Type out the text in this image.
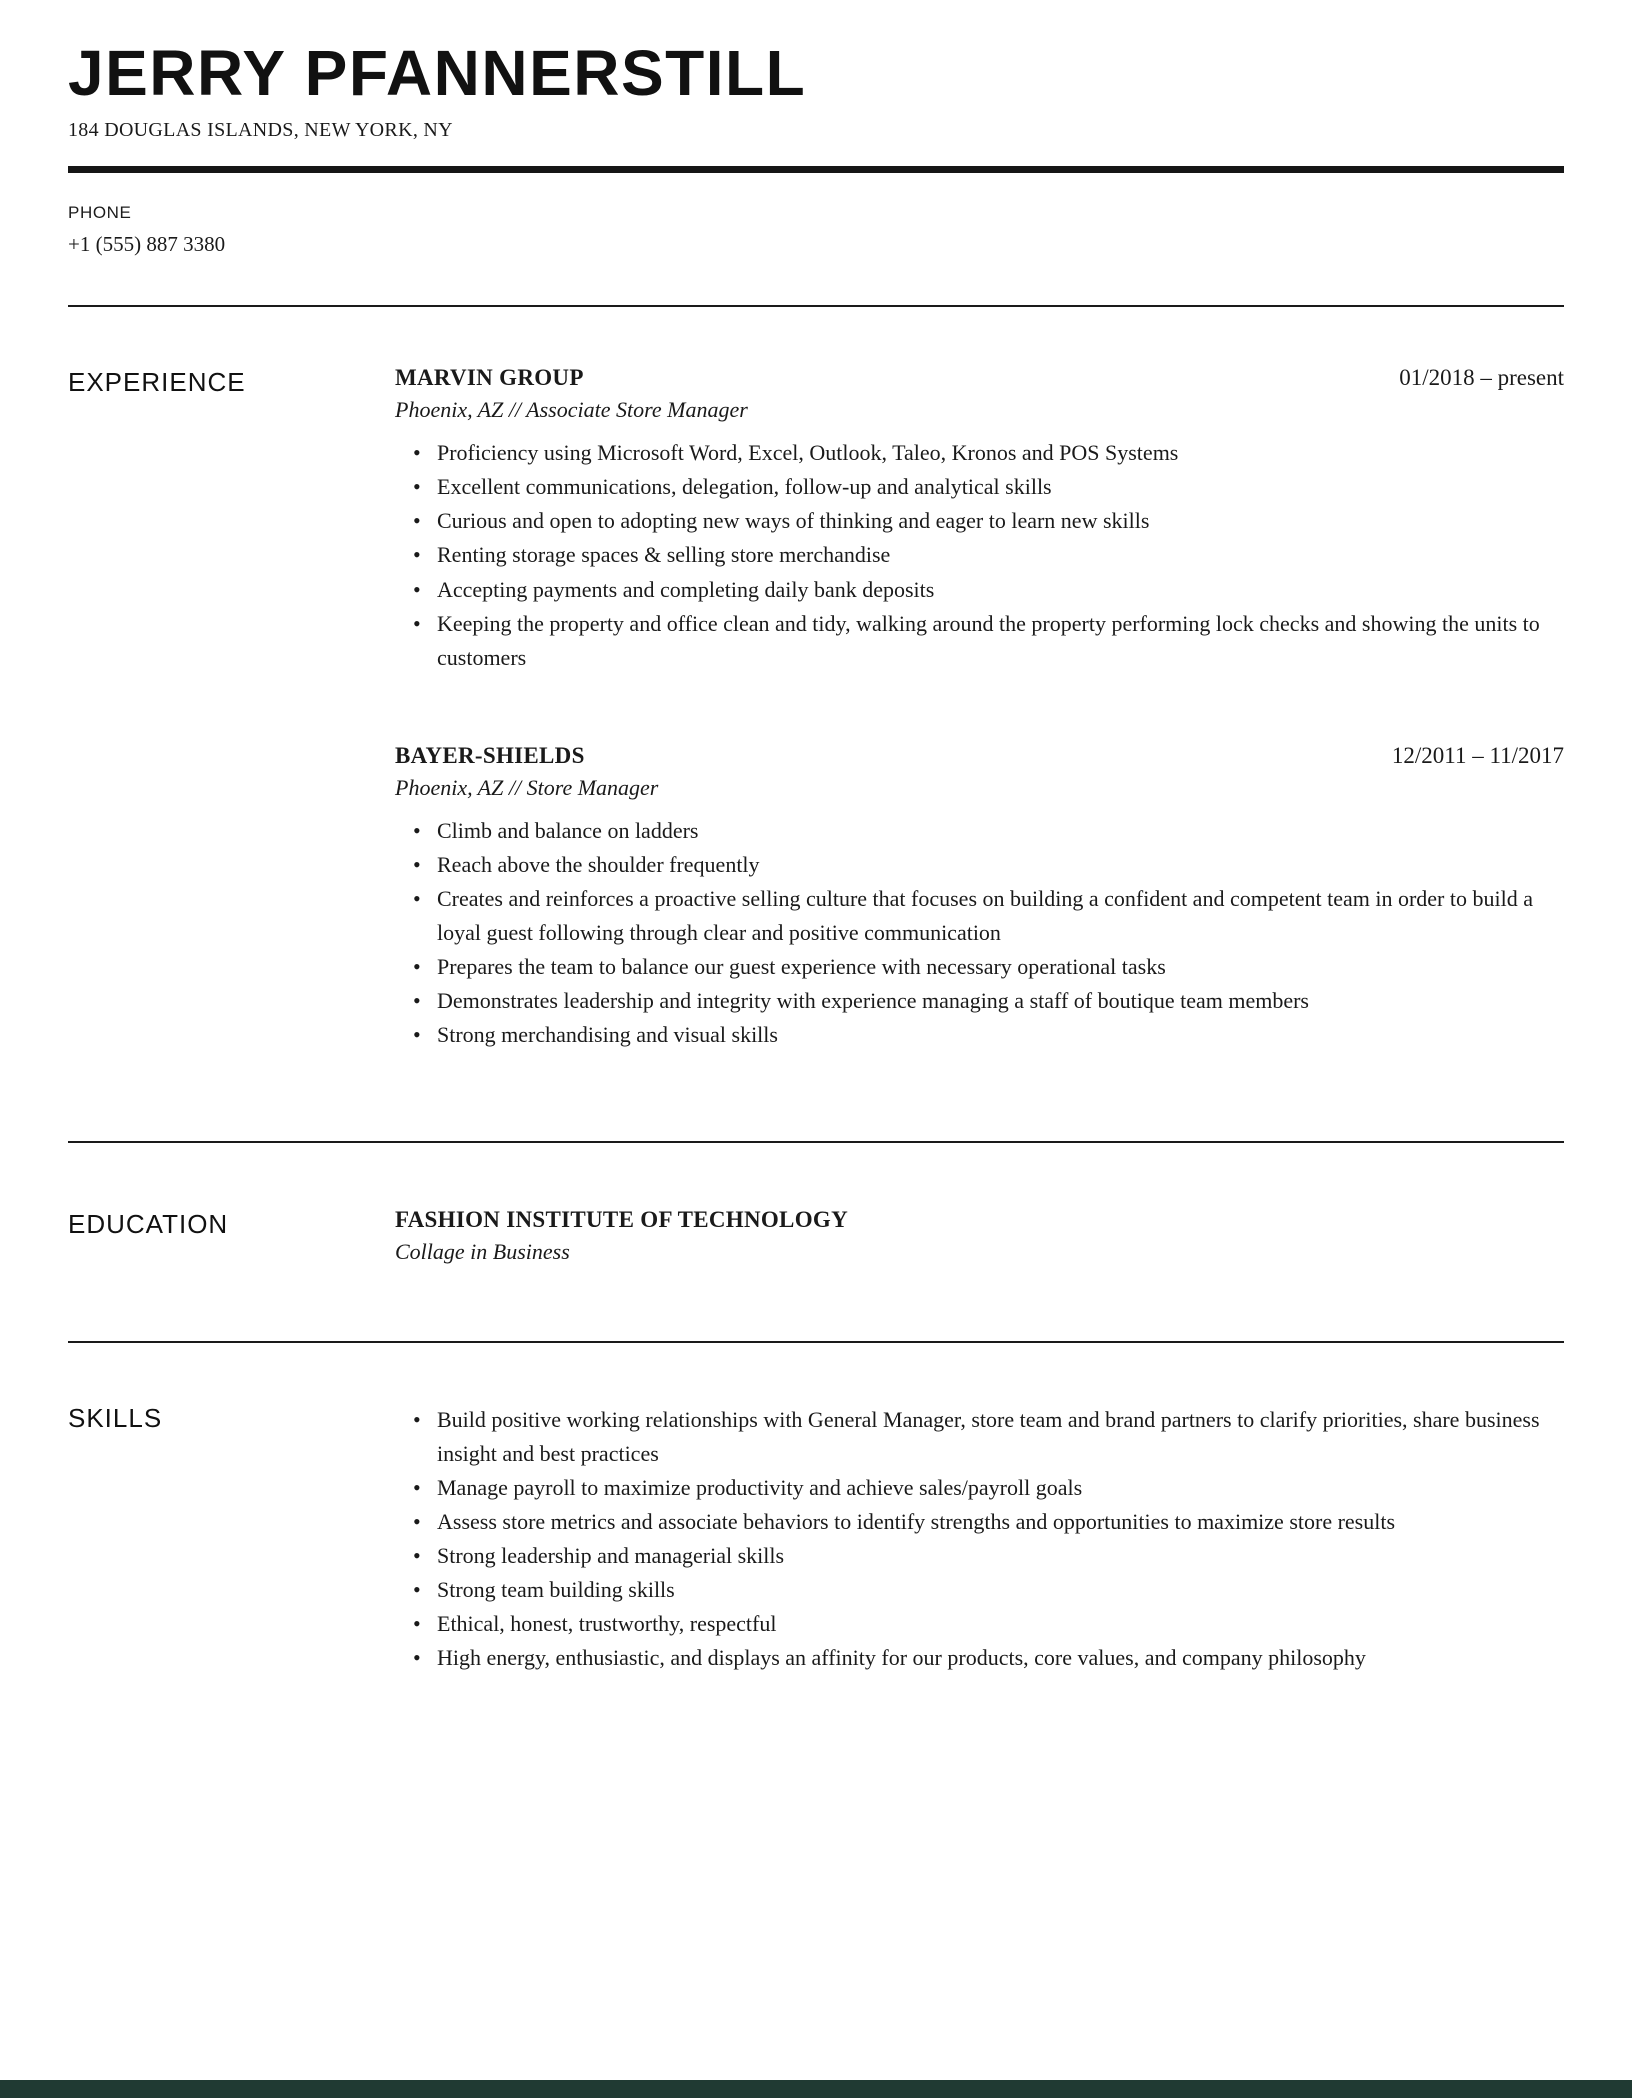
JERRY PFANNERSTILL
184 DOUGLAS ISLANDS, NEW YORK, NY
PHONE
+1 (555) 887 3380
EXPERIENCE	MARVIN GROUP	01/2018 – present
Phoenix, AZ // Associate Store Manager
• Proficiency using Microsoft Word, Excel, Outlook, Taleo, Kronos and POS Systems
• Excellent communications, delegation, follow-up and analytical skills
• Curious and open to adopting new ways of thinking and eager to learn new skills
• Renting storage spaces & selling store merchandise
• Accepting payments and completing daily bank deposits
• Keeping the property and office clean and tidy, walking around the property performing lock checks and showing the units to customers
BAYER-SHIELDS	12/2011 – 11/2017
Phoenix, AZ // Store Manager
• Climb and balance on ladders
• Reach above the shoulder frequently
• Creates and reinforces a proactive selling culture that focuses on building a confident and competent team in order to build a loyal guest following through clear and positive communication
• Prepares the team to balance our guest experience with necessary operational tasks
• Demonstrates leadership and integrity with experience managing a staff of boutique team members
• Strong merchandising and visual skills
EDUCATION	FASHION INSTITUTE OF TECHNOLOGY
Collage in Business
SKILLS	• Build positive working relationships with General Manager, store team and brand partners to clarify priorities, share business insight and best practices
• Manage payroll to maximize productivity and achieve sales/payroll goals
• Assess store metrics and associate behaviors to identify strengths and opportunities to maximize store results
• Strong leadership and managerial skills
• Strong team building skills
• Ethical, honest, trustworthy, respectful
• High energy, enthusiastic, and displays an affinity for our products, core values, and company philosophy
